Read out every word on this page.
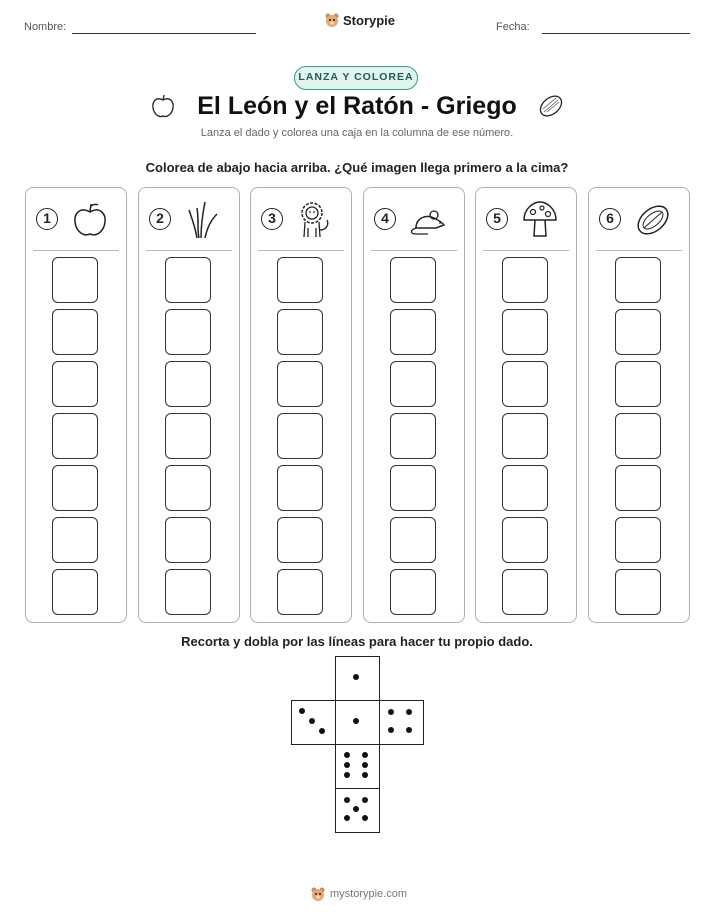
Nombre:	Storypie	Fecha:
LANZA Y COLOREA
El León y el Ratón - Griego
Lanza el dado y colorea una caja en la columna de ese número.
Colorea de abajo hacia arriba. ¿Qué imagen llega primero a la cima?
1	2	3	4	5	6
Recorta y dobla por las líneas para hacer tu propio dado.
mystorypie.com
